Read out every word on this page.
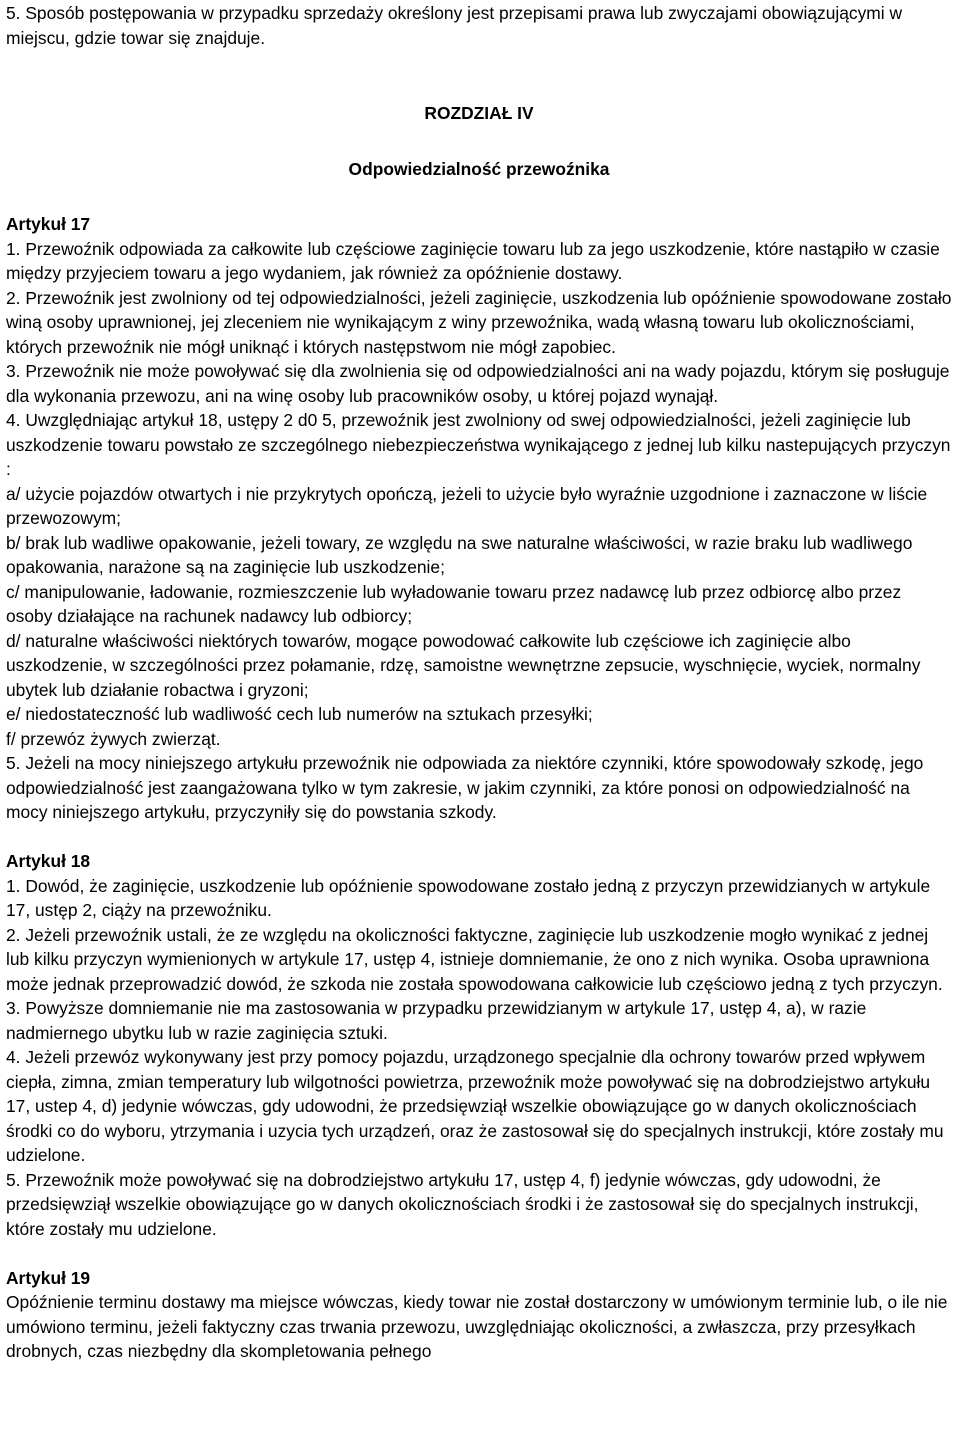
5. Sposób postępowania w przypadku sprzedaży określony jest przepisami prawa lub zwyczajami obowiązującymi w miejscu, gdzie towar się znajduje.

ROZDZIAŁ IV

Odpowiedzialność przewoźnika

Artykuł 17

1. Przewoźnik odpowiada za całkowite lub częściowe zaginięcie towaru lub za jego uszkodzenie, które nastąpiło w czasie między przyjeciem towaru a jego wydaniem, jak również za opóźnienie dostawy.

2. Przewoźnik jest zwolniony od tej odpowiedzialności, jeżeli zaginięcie, uszkodzenia lub opóźnienie spowodowane zostało winą osoby uprawnionej, jej zleceniem nie wynikającym z winy przewoźnika, wadą własną towaru lub okolicznościami, których przewoźnik nie mógł uniknąć i których następstwom nie mógł zapobiec.

3. Przewoźnik nie może powoływać się dla zwolnienia się od odpowiedzialności ani na wady pojazdu, którym się posługuje dla wykonania przewozu, ani na winę osoby lub pracowników osoby, u której pojazd wynajął.

4. Uwzględniając artykuł 18, ustępy 2 d0 5, przewoźnik jest zwolniony od swej odpowiedzialności, jeżeli zaginięcie lub uszkodzenie towaru powstało ze szczególnego niebezpieczeństwa wynikającego z jednej lub kilku nastepujących przyczyn :

a/ użycie pojazdów otwartych i nie przykrytych opończą, jeżeli to użycie było wyraźnie uzgodnione i zaznaczone w liście przewozowym;

b/ brak lub wadliwe opakowanie, jeżeli towary, ze względu na swe naturalne właściwości, w razie braku lub wadliwego opakowania, narażone są na zaginięcie lub uszkodzenie;

c/ manipulowanie, ładowanie, rozmieszczenie lub wyładowanie towaru przez nadawcę lub przez odbiorcę albo przez osoby działające na rachunek nadawcy lub odbiorcy;

d/ naturalne właściwości niektórych towarów, mogące powodować całkowite lub częściowe ich zaginięcie albo uszkodzenie, w szczególności przez połamanie, rdzę, samoistne wewnętrzne zepsucie, wyschnięcie, wyciek, normalny ubytek lub działanie robactwa i gryzoni;

e/ niedostateczność lub wadliwość cech lub numerów na sztukach przesyłki;

f/ przewóz żywych zwierząt.

5. Jeżeli na mocy niniejszego artykułu przewoźnik nie odpowiada za niektóre czynniki, które spowodowały szkodę, jego odpowiedzialność jest zaangażowana tylko w tym zakresie, w jakim czynniki, za które ponosi on odpowiedzialność na mocy niniejszego artykułu, przyczyniły się do powstania szkody.

Artykuł 18

1. Dowód, że zaginięcie, uszkodzenie lub opóźnienie spowodowane zostało jedną z przyczyn przewidzianych w artykule 17, ustęp 2, ciąży na przewoźniku.

2. Jeżeli przewoźnik ustali, że ze względu na okoliczności faktyczne, zaginięcie lub uszkodzenie mogło wynikać z jednej lub kilku przyczyn wymienionych w artykule 17, ustęp 4, istnieje domniemanie, że ono z nich wynika. Osoba uprawniona może jednak przeprowadzić dowód, że szkoda nie została spowodowana całkowicie lub częściowo jedną z tych przyczyn.

3. Powyższe domniemanie nie ma zastosowania w przypadku przewidzianym w artykule 17, ustęp 4, a), w razie nadmiernego ubytku lub w razie zaginięcia sztuki.

4. Jeżeli przewóz wykonywany jest przy pomocy pojazdu, urządzonego specjalnie dla ochrony towarów przed wpływem ciepła, zimna, zmian temperatury lub wilgotności powietrza, przewoźnik może powoływać się na dobrodziejstwo artykułu 17, ustep 4, d) jedynie wówczas, gdy udowodni, że przedsięwziął wszelkie obowiązujące go w danych okolicznościach środki co do wyboru, ytrzymania i uzycia tych urządzeń, oraz że zastosował się do specjalnych instrukcji, które zostały mu udzielone.

5. Przewoźnik może powoływać się na dobrodziejstwo artykułu 17, ustęp 4, f) jedynie wówczas, gdy udowodni, że przedsięwziął wszelkie obowiązujące go w danych okolicznościach środki i że zastosował się do specjalnych instrukcji, które zostały mu udzielone.

Artykuł 19

Opóźnienie terminu dostawy ma miejsce wówczas, kiedy towar nie został dostarczony w umówionym terminie lub, o ile nie umówiono terminu, jeżeli faktyczny czas trwania przewozu, uwzględniając okoliczności, a zwłaszcza, przy przesyłkach drobnych, czas niezbędny dla skompletowania pełnego
